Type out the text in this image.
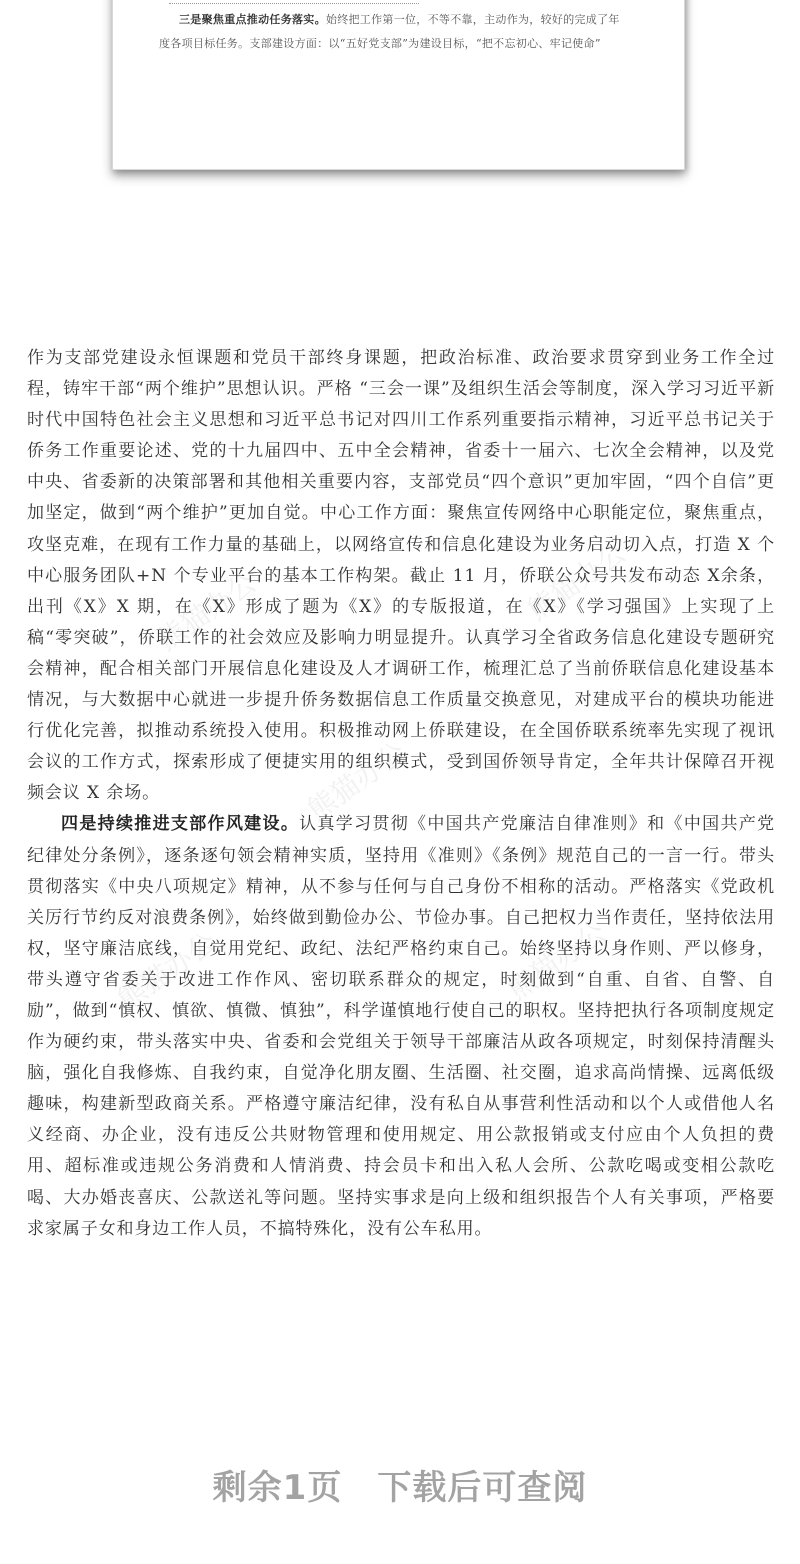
三是聚焦重点推动任务落实。始终把工作第一位，不等不靠，主动作为，较好的完成了年

度各项目标任务。支部建设方面：以“五好党支部”为建设目标，“把不忘初心、牢记使命”

熊猫办公	熊猫办公
熊猫办公	熊猫办公
熊猫办公

作为支部党建设永恒课题和党员干部终身课题，把政治标准、政治要求贯穿到业务工作全过程，铸牢干部“两个维护”思想认识。严格 “三会一课”及组织生活会等制度，深入学习习近平新时代中国特色社会主义思想和习近平总书记对四川工作系列重要指示精神，习近平总书记关于侨务工作重要论述、党的十九届四中、五中全会精神，省委十一届六、七次全会精神，以及党中央、省委新的决策部署和其他相关重要内容，支部党员“四个意识”更加牢固，“四个自信”更加坚定，做到“两个维护”更加自觉。中心工作方面：聚焦宣传网络中心职能定位，聚焦重点，攻坚克难，在现有工作力量的基础上，以网络宣传和信息化建设为业务启动切入点，打造 X 个中心服务团队+N 个专业平台的基本工作构架。截止 11 月，侨联公众号共发布动态 X余条，出刊《X》X 期，在《X》形成了题为《X》的专版报道，在《X》《学习强国》上实现了上稿“零突破”，侨联工作的社会效应及影响力明显提升。认真学习全省政务信息化建设专题研究会精神，配合相关部门开展信息化建设及人才调研工作，梳理汇总了当前侨联信息化建设基本情况，与大数据中心就进一步提升侨务数据信息工作质量交换意见，对建成平台的模块功能进行优化完善，拟推动系统投入使用。积极推动网上侨联建设，在全国侨联系统率先实现了视讯会议的工作方式，探索形成了便捷实用的组织模式，受到国侨领导肯定，全年共计保障召开视频会议 X 余场。

四是持续推进支部作风建设。认真学习贯彻《中国共产党廉洁自律准则》和《中国共产党纪律处分条例》，逐条逐句领会精神实质，坚持用《准则》《条例》规范自己的一言一行。带头贯彻落实《中央八项规定》精神，从不参与任何与自己身份不相称的活动。严格落实《党政机关厉行节约反对浪费条例》，始终做到勤俭办公、节俭办事。自己把权力当作责任，坚持依法用权，坚守廉洁底线，自觉用党纪、政纪、法纪严格约束自己。始终坚持以身作则、严以修身，带头遵守省委关于改进工作作风、密切联系群众的规定，时刻做到“自重、自省、自警、自励”，做到“慎权、慎欲、慎微、慎独”，科学谨慎地行使自己的职权。坚持把执行各项制度规定作为硬约束，带头落实中央、省委和会党组关于领导干部廉洁从政各项规定，时刻保持清醒头脑，强化自我修炼、自我约束，自觉净化朋友圈、生活圈、社交圈，追求高尚情操、远离低级趣味，构建新型政商关系。严格遵守廉洁纪律，没有私自从事营利性活动和以个人或借他人名义经商、办企业，没有违反公共财物管理和使用规定、用公款报销或支付应由个人负担的费用、超标准或违规公务消费和人情消费、持会员卡和出入私人会所、公款吃喝或变相公款吃喝、大办婚丧喜庆、公款送礼等问题。坚持实事求是向上级和组织报告个人有关事项，严格要求家属子女和身边工作人员，不搞特殊化，没有公车私用。

剩余1页　下载后可查阅
